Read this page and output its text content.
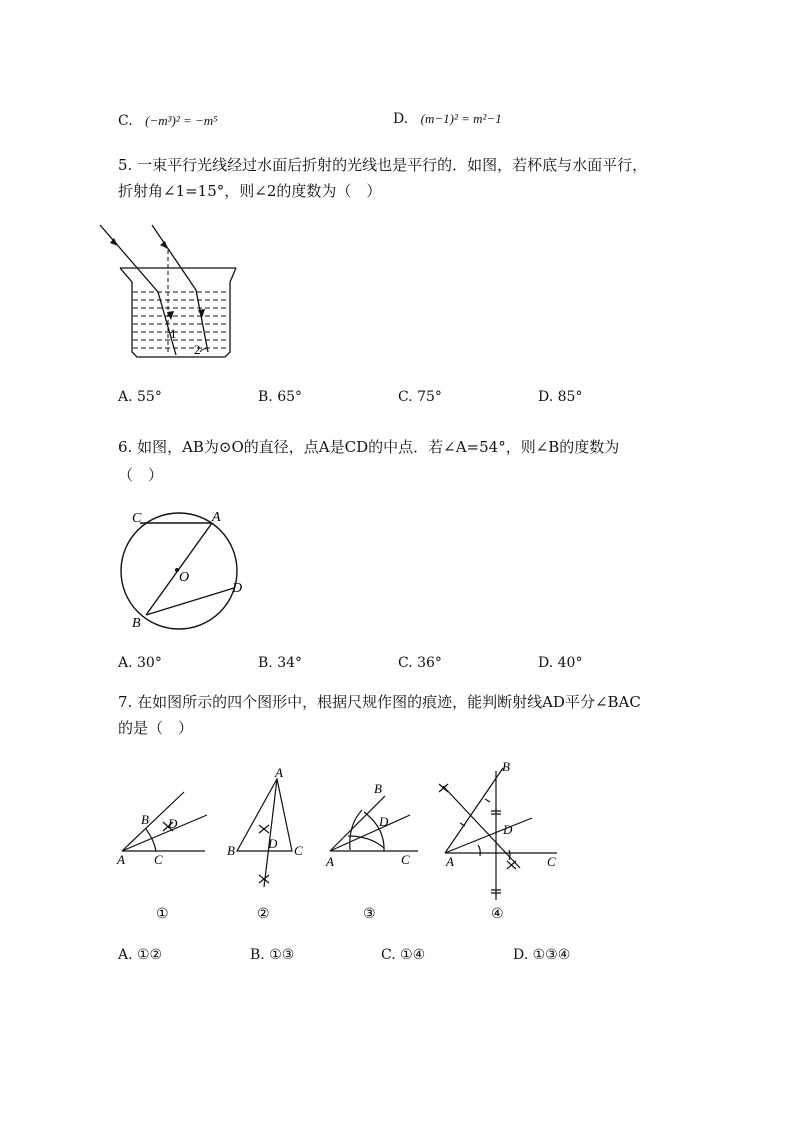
C. (−m³)² = −m⁵	D. (m−1)² = m²−1
5. 一束平行光线经过水面后折射的光线也是平行的．如图，若杯底与水面平行，
折射角∠1=15°，则∠2的度数为（　）
1
2
A. 55°	B. 65°	C. 75°	D. 85°
6. 如图，AB为⊙O的直径，点A是CD的中点．若∠A=54°，则∠B的度数为
（　）
C	A
O
D
B
A. 30°	B. 34°	C. 36°	D. 40°
7. 在如图所示的四个图形中，根据尺规作图的痕迹，能判断射线AD平分∠BAC
的是（　）
B D
A C
①
A
B	D C
②
B
D
A	C
③
B
D
A	C
④
A. ①②	B. ①③	C. ①④	D. ①③④
